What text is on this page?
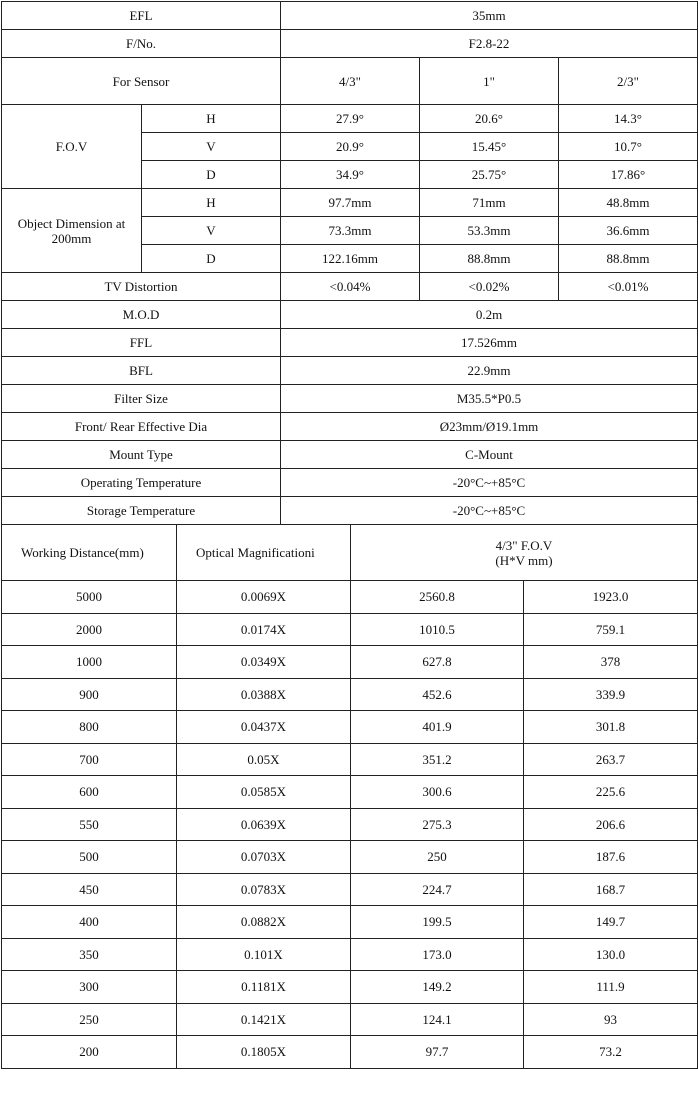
EFL		35mm		
F/No.		F2.8-22		
For Sensor		4/3"	1"	2/3"
F.O.V	H	27.9°	20.6°	14.3°
	V	20.9°	15.45°	10.7°
	D	34.9°	25.75°	17.86°
Object Dimension at 200mm	H	97.7mm	71mm	48.8mm
	V	73.3mm	53.3mm	36.6mm
	D	122.16mm	88.8mm	88.8mm
TV Distortion		<0.04%	<0.02%	<0.01%
M.O.D		0.2m		
FFL		17.526mm		
BFL		22.9mm		
Filter Size		M35.5*P0.5		
Front/ Rear Effective Dia		Ø23mm/Ø19.1mm		
Mount Type		C-Mount		
Operating Temperature		-20°C~+85°C		
Storage Temperature		-20°C~+85°C		
Working Distance(mm)	Optical Magnificationi	4/3" F.O.V
(H*V mm)	

5000	0.0069X	2560.8	1923.0
2000	0.0174X	1010.5	759.1
1000	0.0349X	627.8	378
900	0.0388X	452.6	339.9
800	0.0437X	401.9	301.8
700	0.05X	351.2	263.7
600	0.0585X	300.6	225.6
550	0.0639X	275.3	206.6
500	0.0703X	250	187.6
450	0.0783X	224.7	168.7
400	0.0882X	199.5	149.7
350	0.101X	173.0	130.0
300	0.1181X	149.2	111.9
250	0.1421X	124.1	93
200	0.1805X	97.7	73.2
